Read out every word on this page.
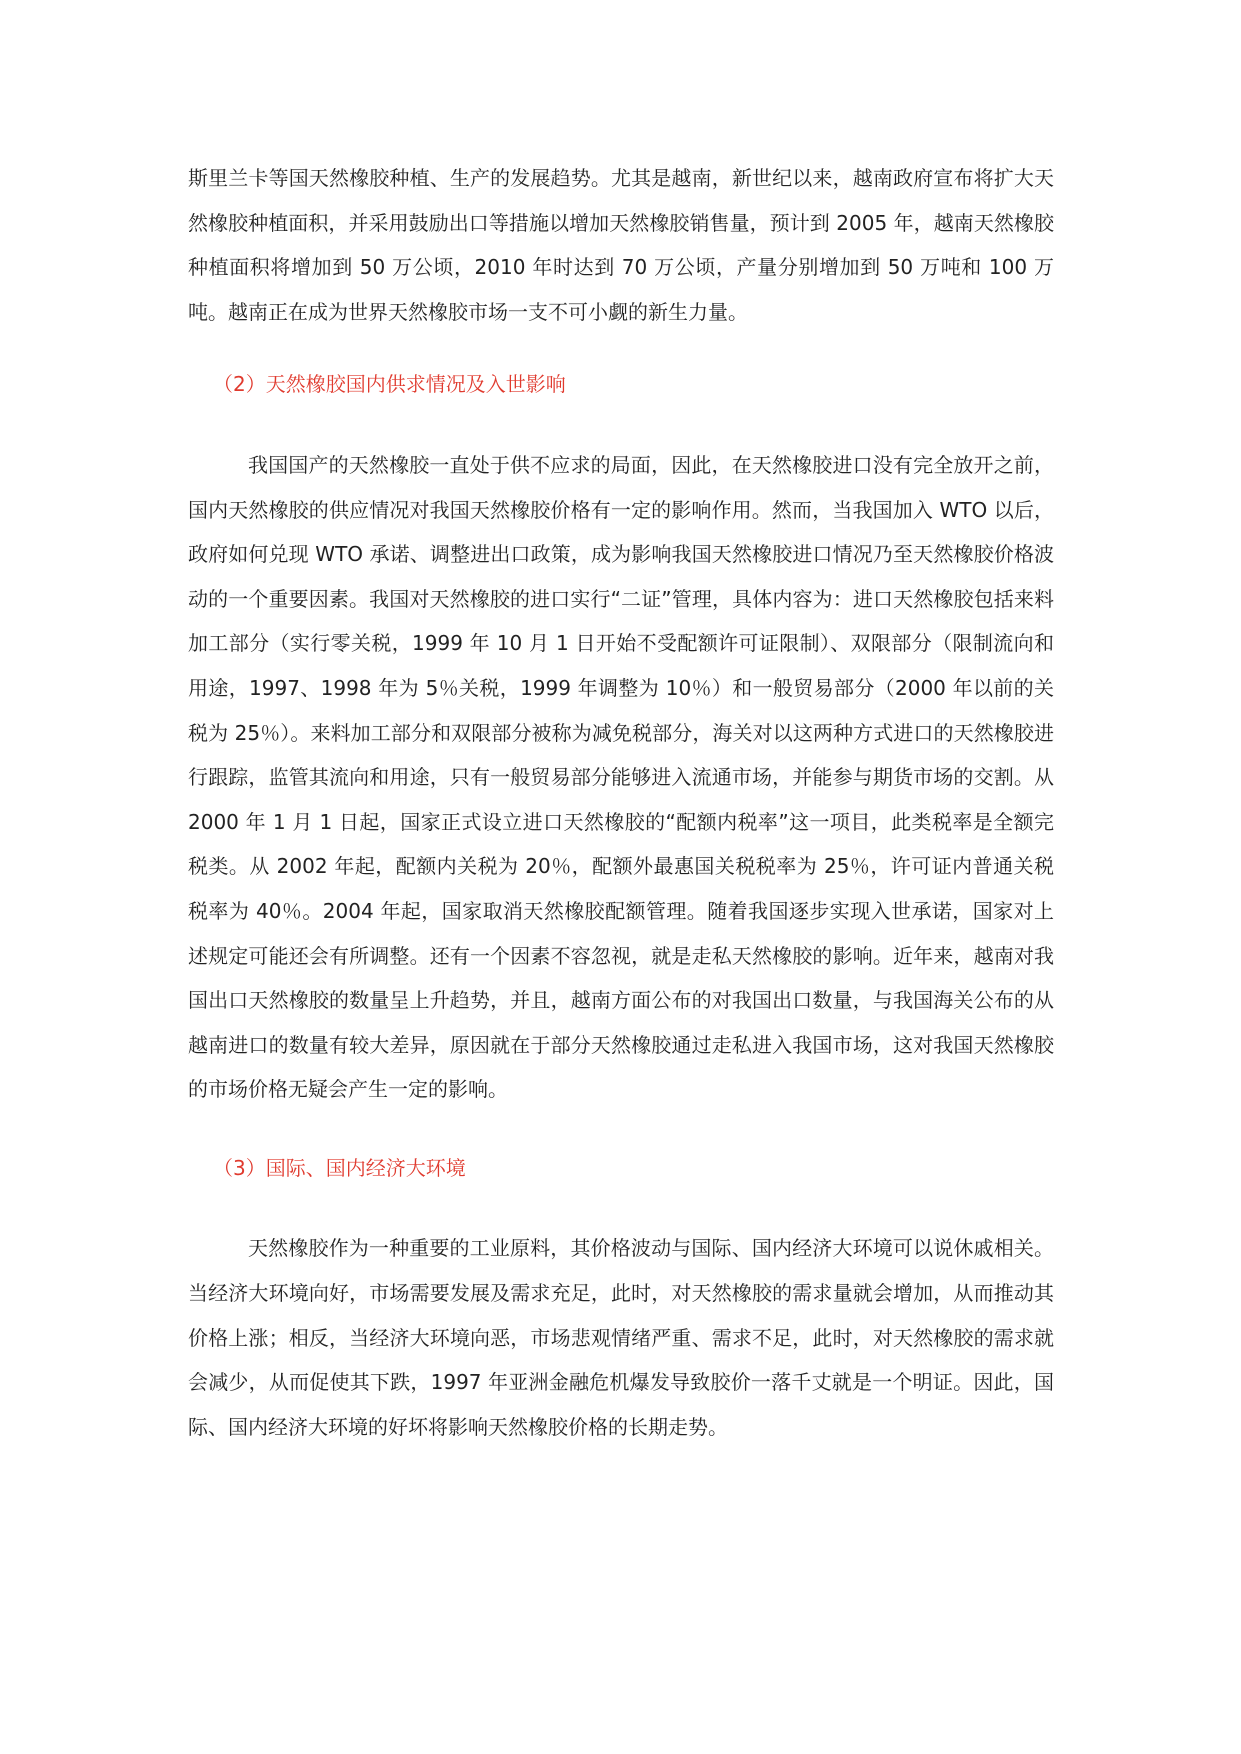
斯里兰卡等国天然橡胶种植、生产的发展趋势。尤其是越南，新世纪以来，越南政府宣布将扩大天然橡胶种植面积，并采用鼓励出口等措施以增加天然橡胶销售量，预计到 2005 年，越南天然橡胶种植面积将增加到 50 万公顷，2010 年时达到 70 万公顷，产量分别增加到 50 万吨和 100 万吨。越南正在成为世界天然橡胶市场一支不可小觑的新生力量。

（2）天然橡胶国内供求情况及入世影响

我国国产的天然橡胶一直处于供不应求的局面，因此，在天然橡胶进口没有完全放开之前，国内天然橡胶的供应情况对我国天然橡胶价格有一定的影响作用。然而，当我国加入 WTO 以后，政府如何兑现 WTO 承诺、调整进出口政策，成为影响我国天然橡胶进口情况乃至天然橡胶价格波动的一个重要因素。我国对天然橡胶的进口实行“二证”管理，具体内容为：进口天然橡胶包括来料加工部分（实行零关税，1999 年 10 月 1 日开始不受配额许可证限制）、双限部分（限制流向和用途，1997、1998 年为 5％关税，1999 年调整为 10％）和一般贸易部分（2000 年以前的关税为 25％）。来料加工部分和双限部分被称为减免税部分，海关对以这两种方式进口的天然橡胶进行跟踪，监管其流向和用途，只有一般贸易部分能够进入流通市场，并能参与期货市场的交割。从 2000 年 1 月 1 日起，国家正式设立进口天然橡胶的“配额内税率”这一项目，此类税率是全额完税类。从 2002 年起，配额内关税为 20％，配额外最惠国关税税率为 25％，许可证内普通关税税率为 40％。2004 年起，国家取消天然橡胶配额管理。随着我国逐步实现入世承诺，国家对上述规定可能还会有所调整。还有一个因素不容忽视，就是走私天然橡胶的影响。近年来，越南对我国出口天然橡胶的数量呈上升趋势，并且，越南方面公布的对我国出口数量，与我国海关公布的从越南进口的数量有较大差异，原因就在于部分天然橡胶通过走私进入我国市场，这对我国天然橡胶的市场价格无疑会产生一定的影响。

（3）国际、国内经济大环境

天然橡胶作为一种重要的工业原料，其价格波动与国际、国内经济大环境可以说休戚相关。当经济大环境向好，市场需要发展及需求充足，此时，对天然橡胶的需求量就会增加，从而推动其价格上涨；相反，当经济大环境向恶，市场悲观情绪严重、需求不足，此时，对天然橡胶的需求就会减少，从而促使其下跌，1997 年亚洲金融危机爆发导致胶价一落千丈就是一个明证。因此，国际、国内经济大环境的好坏将影响天然橡胶价格的长期走势。
